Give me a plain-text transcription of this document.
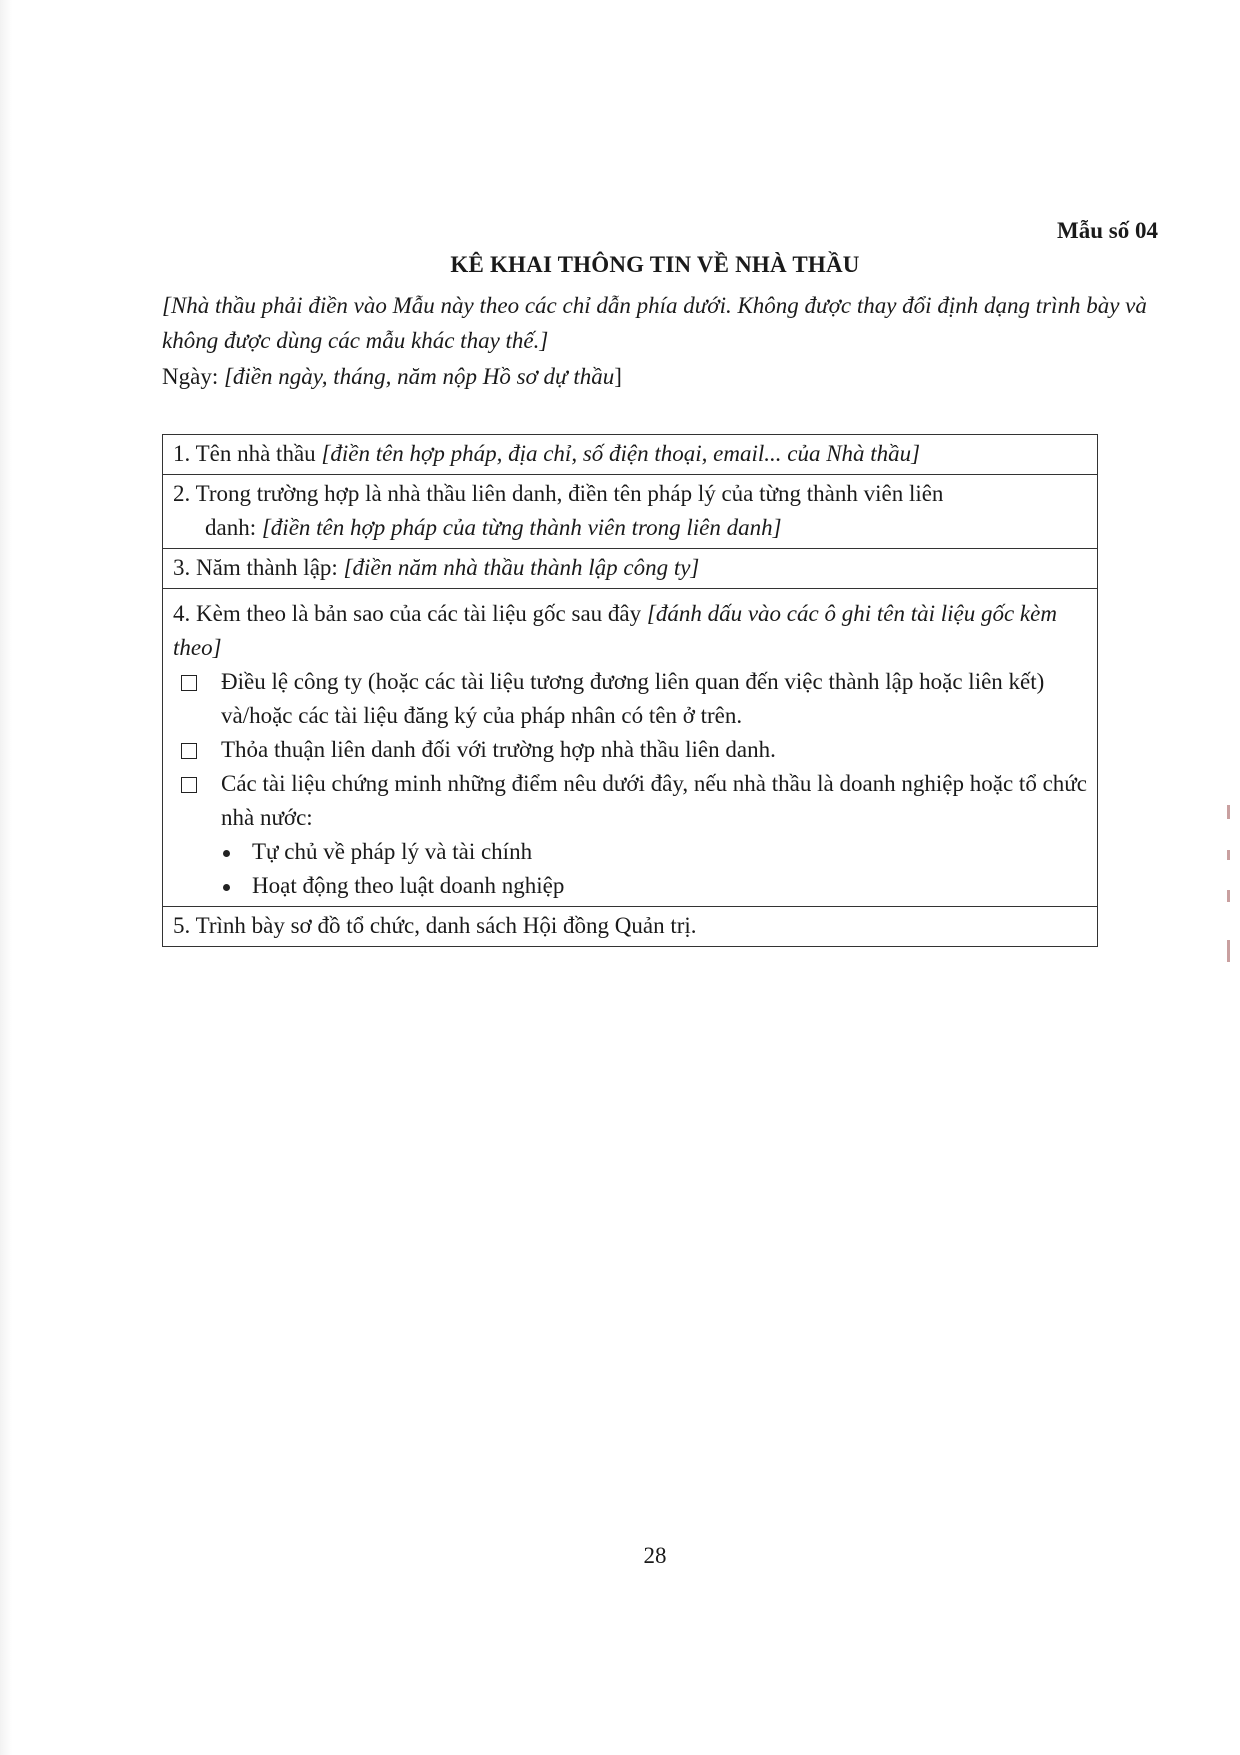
Mẫu số 04
KÊ KHAI THÔNG TIN VỀ NHÀ THẦU
[Nhà thầu phải điền vào Mẫu này theo các chỉ dẫn phía dưới. Không được thay đổi định dạng trình bày và không được dùng các mẫu khác thay thế.]
Ngày: [điền ngày, tháng, năm nộp Hồ sơ dự thầu]
1. Tên nhà thầu [điền tên hợp pháp, địa chỉ, số điện thoại, email... của Nhà thầu]

2. Trong trường hợp là nhà thầu liên danh, điền tên pháp lý của từng thành viên liên
danh: [điền tên hợp pháp của từng thành viên trong liên danh]

3. Năm thành lập: [điền năm nhà thầu thành lập công ty]

4. Kèm theo là bản sao của các tài liệu gốc sau đây [đánh dấu vào các ô ghi tên tài liệu gốc kèm theo]
Điều lệ công ty (hoặc các tài liệu tương đương liên quan đến việc thành lập hoặc liên kết) và/hoặc các tài liệu đăng ký của pháp nhân có tên ở trên.
Thỏa thuận liên danh đối với trường hợp nhà thầu liên danh.
Các tài liệu chứng minh những điểm nêu dưới đây, nếu nhà thầu là doanh nghiệp hoặc tổ chức nhà nước:
Tự chủ về pháp lý và tài chính
Hoạt động theo luật doanh nghiệp

5. Trình bày sơ đồ tổ chức, danh sách Hội đồng Quản trị.
28
